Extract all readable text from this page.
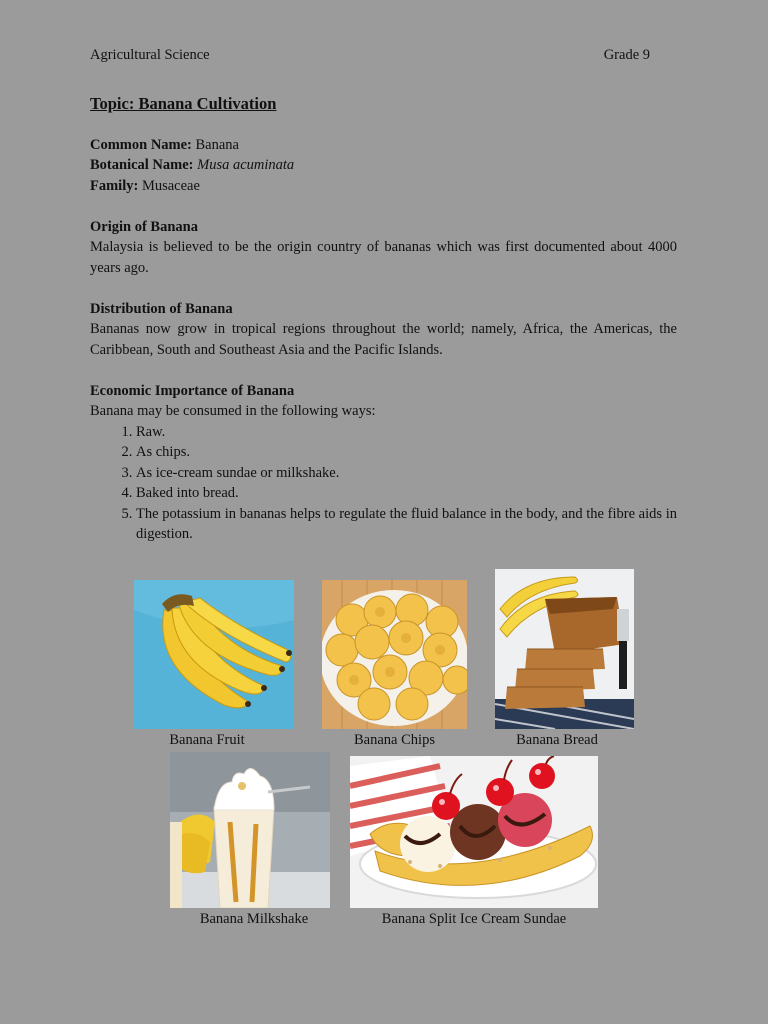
Agricultural Science	Grade 9

Topic: Banana Cultivation

Common Name: Banana

Botanical Name: Musa acuminata

Family: Musaceae

Origin of Banana

Malaysia is believed to be the origin country of bananas which was first documented about 4000 years ago.

Distribution of Banana

Bananas now grow in tropical regions throughout the world; namely, Africa, the Americas, the Caribbean, South and Southeast Asia and the Pacific Islands.

Economic Importance of Banana

Banana may be consumed in the following ways:

1. Raw.
2. As chips.
3. As ice-cream sundae or milkshake.
4. Baked into bread.
5. The potassium in bananas helps to regulate the fluid balance in the body, and the fibre aids in digestion.
Banana Fruit	Banana Chips	Banana Bread
Banana Milkshake	Banana Split Ice Cream Sundae
